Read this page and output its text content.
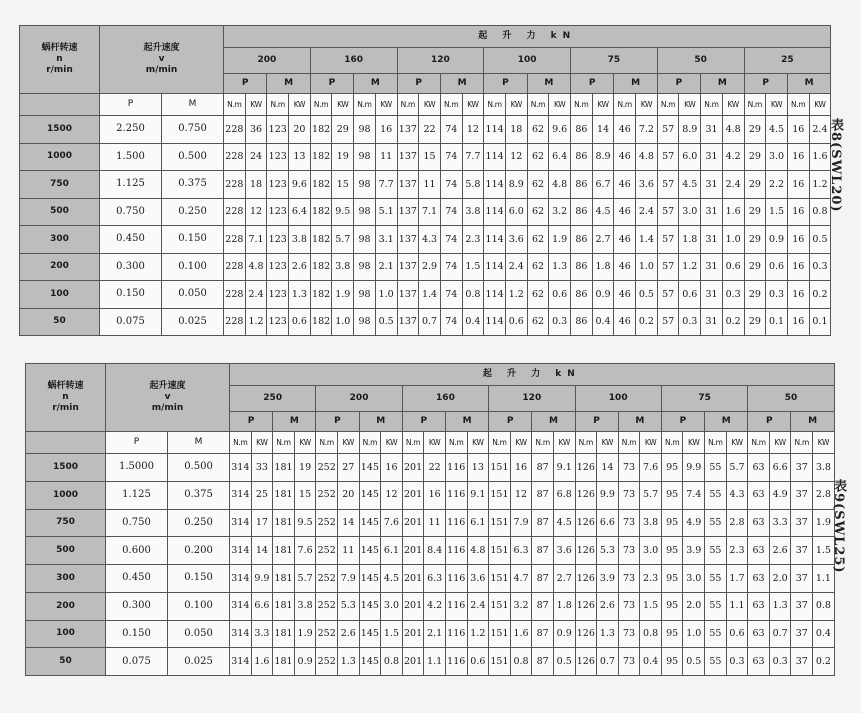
蜗杆转速
n
r/min	起升速度
v
m/min		起 升 力 kN																											
			200				160				120				100				75				50				25			
			P		M		P		M		P		M		P		M		P		M		P		M		P		M	
	P	M	N.m	KW	N.m	KW	N.m	KW	N.m	KW	N.m	KW	N.m	KW	N.m	KW	N.m	KW	N.m	KW	N.m	KW	N.m	KW	N.m	KW	N.m	KW	N.m	KW
1500	2.250	0.750	228	36	123	20	182	29	98	16	137	22	74	12	114	18	62	9.6	86	14	46	7.2	57	8.9	31	4.8	29	4.5	16	2.4
1000	1.500	0.500	228	24	123	13	182	19	98	11	137	15	74	7.7	114	12	62	6.4	86	8.9	46	4.8	57	6.0	31	4.2	29	3.0	16	1.6
750	1.125	0.375	228	18	123	9.6	182	15	98	7.7	137	11	74	5.8	114	8.9	62	4.8	86	6.7	46	3.6	57	4.5	31	2.4	29	2.2	16	1.2
500	0.750	0.250	228	12	123	6.4	182	9.5	98	5.1	137	7.1	74	3.8	114	6.0	62	3.2	86	4.5	46	2.4	57	3.0	31	1.6	29	1.5	16	0.8
300	0.450	0.150	228	7.1	123	3.8	182	5.7	98	3.1	137	4.3	74	2.3	114	3.6	62	1.9	86	2.7	46	1.4	57	1.8	31	1.0	29	0.9	16	0.5
200	0.300	0.100	228	4.8	123	2.6	182	3.8	98	2.1	137	2.9	74	1.5	114	2.4	62	1.3	86	1.8	46	1.0	57	1.2	31	0.6	29	0.6	16	0.3
100	0.150	0.050	228	2.4	123	1.3	182	1.9	98	1.0	137	1.4	74	0.8	114	1.2	62	0.6	86	0.9	46	0.5	57	0.6	31	0.3	29	0.3	16	0.2
50	0.075	0.025	228	1.2	123	0.6	182	1.0	98	0.5	137	0.7	74	0.4	114	0.6	62	0.3	86	0.4	46	0.2	57	0.3	31	0.2	29	0.1	16	0.1
表8(SWL20)
蜗杆转速
n
r/min	起升速度
v
m/min		起 升 力 kN																											
			250				200				160				120				100				75				50			
			P		M		P		M		P		M		P		M		P		M		P		M		P		M	
	P	M	N.m	KW	N.m	KW	N.m	KW	N.m	KW	N.m	KW	N.m	KW	N.m	KW	N.m	KW	N.m	KW	N.m	KW	N.m	KW	N.m	KW	N.m	KW	N.m	KW
1500	1.5000	0.500	314	33	181	19	252	27	145	16	201	22	116	13	151	16	87	9.1	126	14	73	7.6	95	9.9	55	5.7	63	6.6	37	3.8
1000	1.125	0.375	314	25	181	15	252	20	145	12	201	16	116	9.1	151	12	87	6.8	126	9.9	73	5.7	95	7.4	55	4.3	63	4.9	37	2.8
750	0.750	0.250	314	17	181	9.5	252	14	145	7.6	201	11	116	6.1	151	7.9	87	4.5	126	6.6	73	3.8	95	4.9	55	2.8	63	3.3	37	1.9
500	0.600	0.200	314	14	181	7.6	252	11	145	6.1	201	8.4	116	4.8	151	6.3	87	3.6	126	5.3	73	3.0	95	3.9	55	2.3	63	2.6	37	1.5
300	0.450	0.150	314	9.9	181	5.7	252	7.9	145	4.5	201	6.3	116	3.6	151	4.7	87	2.7	126	3.9	73	2.3	95	3.0	55	1.7	63	2.0	37	1.1
200	0.300	0.100	314	6.6	181	3.8	252	5.3	145	3.0	201	4.2	116	2.4	151	3.2	87	1.8	126	2.6	73	1.5	95	2.0	55	1.1	63	1.3	37	0.8
100	0.150	0.050	314	3.3	181	1.9	252	2.6	145	1.5	201	2.1	116	1.2	151	1.6	87	0.9	126	1.3	73	0.8	95	1.0	55	0.6	63	0.7	37	0.4
50	0.075	0.025	314	1.6	181	0.9	252	1.3	145	0.8	201	1.1	116	0.6	151	0.8	87	0.5	126	0.7	73	0.4	95	0.5	55	0.3	63	0.3	37	0.2
表9(SWL25)
